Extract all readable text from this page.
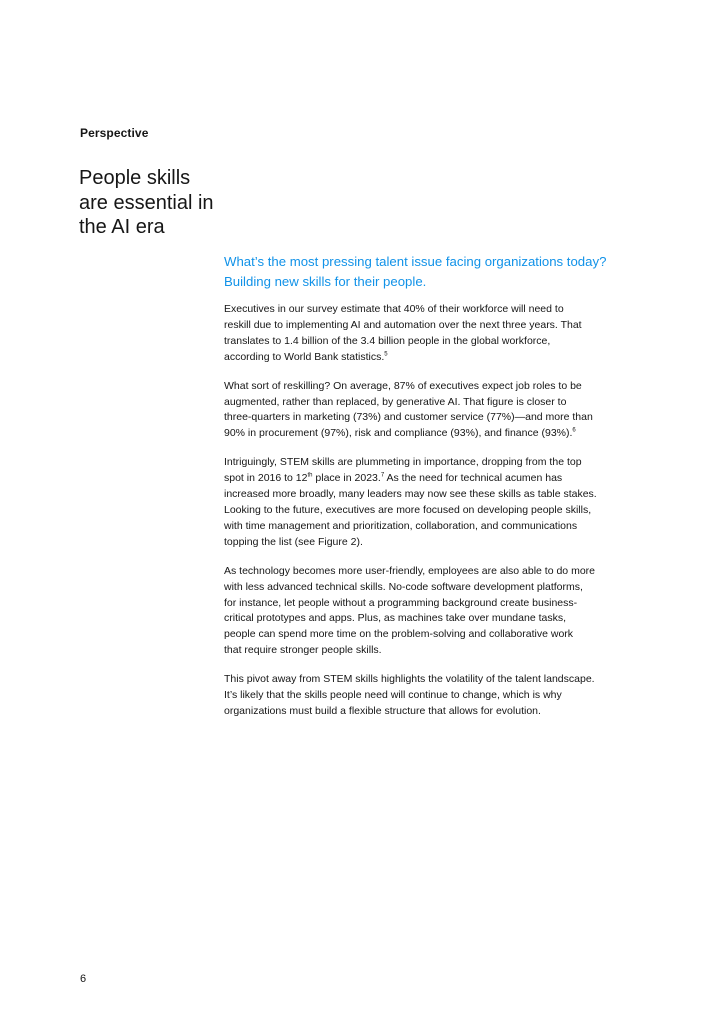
Perspective
People skills
are essential in
the AI era

What’s the most pressing talent issue facing organizations today?
Building new skills for their people.

Executives in our survey estimate that 40% of their workforce will need to
reskill due to implementing AI and automation over the next three years. That
translates to 1.4 billion of the 3.4 billion people in the global workforce,
according to World Bank statistics.$^5$

What sort of reskilling? On average, 87% of executives expect job roles to be
augmented, rather than replaced, by generative AI. That figure is closer to
three-quarters in marketing (73%) and customer service (77%)—and more than
90% in procurement (97%), risk and compliance (93%), and finance (93%).$^6$

Intriguingly, STEM skills are plummeting in importance, dropping from the top
spot in 2016 to 12th place in 2023.$^7$ As the need for technical acumen has
increased more broadly, many leaders may now see these skills as table stakes.
Looking to the future, executives are more focused on developing people skills,
with time management and prioritization, collaboration, and communications
topping the list (see Figure 2).

As technology becomes more user-friendly, employees are also able to do more
with less advanced technical skills. No-code software development platforms,
for instance, let people without a programming background create business-
critical prototypes and apps. Plus, as machines take over mundane tasks,
people can spend more time on the problem-solving and collaborative work
that require stronger people skills.

This pivot away from STEM skills highlights the volatility of the talent landscape.
It’s likely that the skills people need will continue to change, which is why
organizations must build a flexible structure that allows for evolution.

6
